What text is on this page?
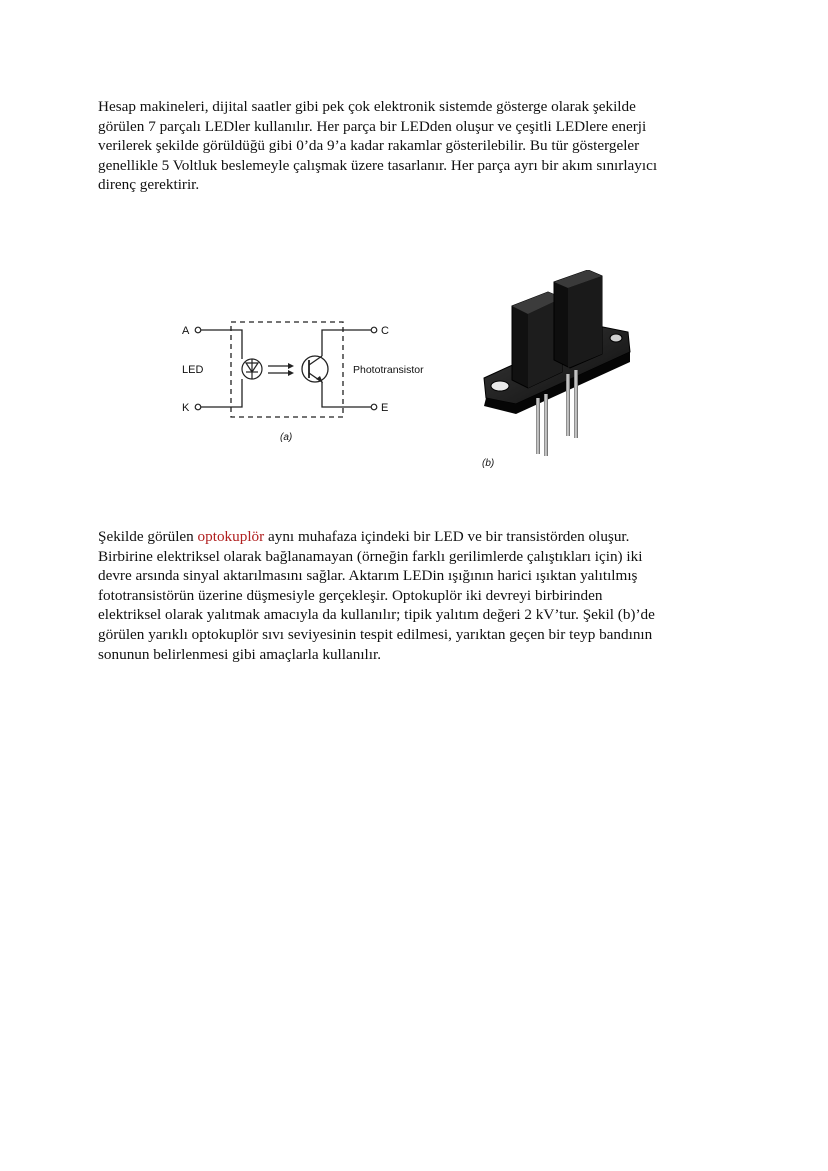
Hesap makineleri, dijital saatler gibi pek çok elektronik sistemde gösterge olarak şekilde
görülen 7 parçalı LEDler kullanılır. Her parça bir LEDden oluşur ve çeşitli LEDlere enerji
verilerek şekilde görüldüğü gibi 0’da 9’a kadar rakamlar gösterilebilir. Bu tür göstergeler
genellikle 5 Voltluk beslemeyle çalışmak üzere tasarlanır. Her parça ayrı bir akım sınırlayıcı
direnç gerektirir.

A
LED
K
C
E
Phototransistor
(a)
(b)

Şekilde görülen optokuplör aynı muhafaza içindeki bir LED ve bir transistörden oluşur.
Birbirine elektriksel olarak bağlanamayan (örneğin farklı gerilimlerde çalıştıkları için) iki
devre arsında sinyal aktarılmasını sağlar. Aktarım LEDin ışığının harici ışıktan yalıtılmış
fototransistörün üzerine düşmesiyle gerçekleşir. Optokuplör iki devreyi birbirinden
elektriksel olarak yalıtmak amacıyla da kullanılır; tipik yalıtım değeri 2 kV’tur. Şekil (b)’de
görülen yarıklı optokuplör sıvı seviyesinin tespit edilmesi, yarıktan geçen bir teyp bandının
sonunun belirlenmesi gibi amaçlarla kullanılır.
